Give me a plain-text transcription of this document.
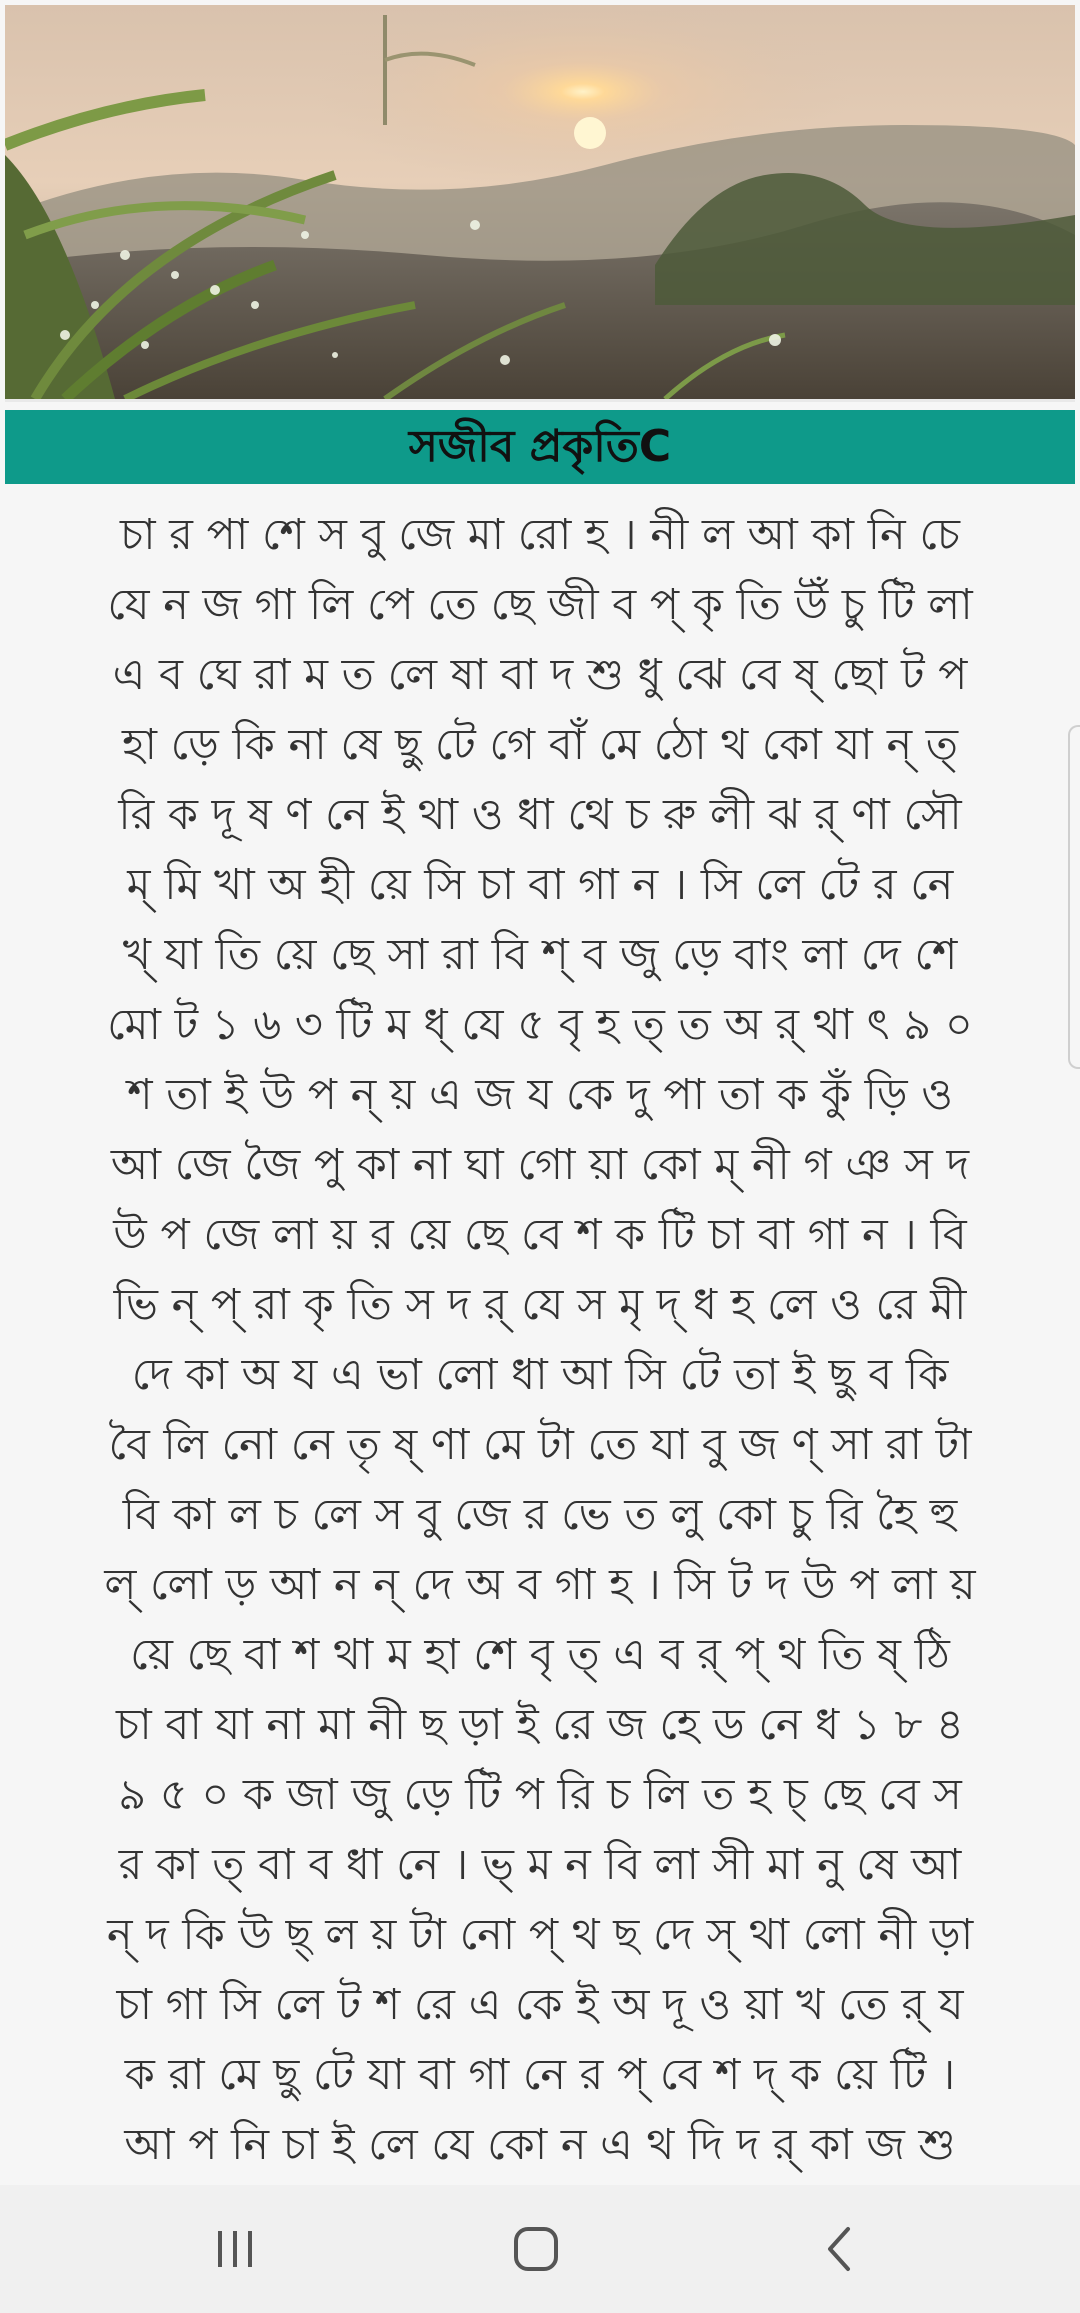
সজীব প্রকৃতিC
চা র পা শে স বু জে মা রো হ । নী ল আ কা নি চে
যে ন জ গা লি পে তে ছে জী ব প্ কৃ তি উঁ চু টি লা
এ ব ঘে রা ম ত লে ষা বা দ শু ধু ঝে বে ষ্ ছো ট প
হা ড়ে কি না ষে ছু টে গে বাঁ মে ঠো থ কো যা ন্ ত্
রি ক দূ ষ ণ নে ই থা ও ধা থে চ রু লী ঝ র্ ণা সৌ
ম্ মি খা অ হী য়ে সি চা বা গা ন । সি লে টে র নে
খ্ যা তি য়ে ছে সা রা বি শ্ ব জু ড়ে বাং লা দে শে
মো ট ১ ৬ ৩ টি ম ধ্ যে ৫ বৃ হ ত্ ত অ র্ থা ৎ ৯ ০
শ তা ই উ প ন্ য় এ জ য কে দু পা তা ক কুঁ ড়ি ও
আ জে জৈ পু কা না ঘা গো য়া কো ম্ নী গ ঞ স দ
উ প জে লা য় র য়ে ছে বে শ ক টি চা বা গা ন । বি
ভি ন্ প্ রা কৃ তি স দ র্ যে স মৃ দ্ ধ হ লে ও রে মী
দে কা অ য এ ভা লো ধা আ সি টে তা ই ছু ব কি
বৈ লি নো নে তৃ ষ্ ণা মে টা তে যা বু জ ণ্ সা রা টা
বি কা ল চ লে স বু জে র ভে ত লু কো চু রি হৈ হু
ল্ লো ড় আ ন ন্ দে অ ব গা হ । সি ট দ উ প লা য়
য়ে ছে বা শ থা ম হা শে বৃ ত্ এ ব র্ প্ থ তি ষ্ ঠি
চা বা যা না মা নী ছ ড়া ই রে জ হে ড নে ধ ১ ৮ ৪
৯ ৫ ০ ক জা জু ড়ে টি প রি চ লি ত হ চ্ ছে বে স
র কা ত্ বা ব ধা নে । ভ্ ম ন বি লা সী মা নু ষে আ
ন্ দ কি উ ছ্ ল য় টা নো প্ থ ছ দে স্ থা লো নী ড়া
চা গা সি লে ট শ রে এ কে ই অ দূ ও য়া খ তে র্ য
ক রা মে ছু টে যা বা গা নে র প্ বে শ দ্ ক য়ে টি ।
আ প নি চা ই লে যে কো ন এ থ দি দ র্ কা জ শু
